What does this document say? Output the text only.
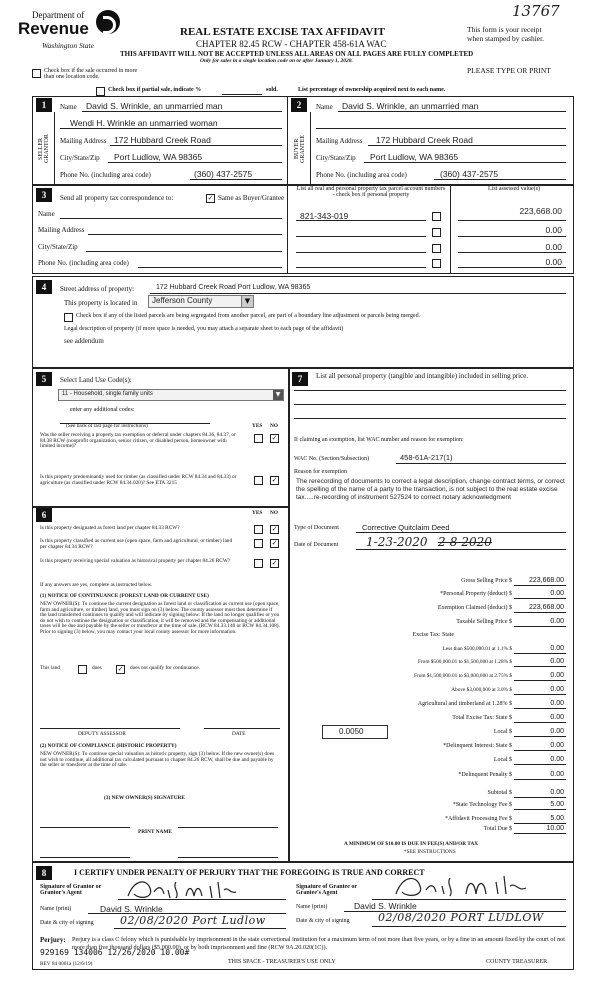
13767
Department of
Revenue
Washington State
REAL ESTATE EXCISE TAX AFFIDAVIT
CHAPTER 82.45 RCW - CHAPTER 458-61A WAC
THIS AFFIDAVIT WILL NOT BE ACCEPTED UNLESS ALL AREAS ON ALL PAGES ARE FULLY COMPLETED
Only for sales in a single location code on or after January 1, 2020.
This form is your receipt
when stamped by cashier.
PLEASE TYPE OR PRINT
Check box if the sale occurred in more than one location code.
Check box if partial sale, indicate %	sold.	List percentage of ownership acquired next to each name.
1	Name David S. Wrinkle, an unmarried man
Wendi H. Wrinkle an unmarried woman
SELLER GRANTOR Mailing Address 172 Hubbard Creek Road
City/State/Zip Port Ludlow, WA 98365
Phone No. (including area code)	(360) 437-2575
2	Name David S. Wrinkle, an unmarried man
BUYER GRANTEE Mailing Address 172 Hubbard Creek Road
City/State/Zip Port Ludlow, WA 98365
Phone No. (including area code)	(360) 437-2575
3	Send all property tax correspondence to:	✓ Same as Buyer/Grantee
Name
Mailing Address
City/State/Zip
Phone No. (including area code)
List all real and personal property tax parcel account numbers - check box if personal property
List assessed value(s)
821-343-019	223,668.00
0.00
0.00
0.00
4	Street address of property:	172 Hubbard Creek Road Port Ludlow, WA 98365
This property is located in Jefferson County	▼
Check box if any of the listed parcels are being segregated from another parcel, are part of a boundary line adjustment or parcels being merged.
Legal description of property (if more space is needed, you may attach a separate sheet to each page of the affidavit)
see addendum
5	Select Land Use Code(s):
11 - Household, single family units	▼
enter any additional codes:
(See back of last page for instructions)	YES NO
Was the seller receiving a property tax exemption or deferral under chapters 84.36, 84.37, or 84.38 RCW (nonprofit organization, senior citizen, or disabled person, homeowner with limited income)?
✓
Is this property predominantly used for timber (as classified under RCW 84.34 and 84.33) or agriculture (as classified under RCW 84.34.020)? See ETA 3215	✓
6	YES NO
Is this property designated as forest land per chapter 84.33 RCW?	✓
Is this property classified as current use (open space, farm and agricultural, or timber) land per chapter 84.34 RCW?	✓
Is this property receiving special valuation as historical property per chapter 84.26 RCW?	✓
If any answers are yes, complete as instructed below.
(1) NOTICE OF CONTINUANCE (FOREST LAND OR CURRENT USE)
NEW OWNER(S): To continue the current designation as forest land or classification as current use (open space, farm and agriculture, or timber) land, you must sign on (3) below. The county assessor must then determine if the land transferred continues to qualify and will indicate by signing below. If the land no longer qualifies or you do not wish to continue the designation or classification, it will be removed and the compensating or additional taxes will be due and payable by the seller or transferor at the time of sale. (RCW 84.33.140 or RCW 84.34.108). Prior to signing (3) below, you may contact your local county assessor for more information.
This land	does ✓ does not qualify for continuance.
DEPUTY ASSESSOR	DATE
(2) NOTICE OF COMPLIANCE (HISTORIC PROPERTY)
NEW OWNER(S): To continue special valuation as historic property, sign (3) below. If the new owner(s) does not wish to continue, all additional tax calculated pursuant to chapter 84.26 RCW, shall be due and payable by the seller or transferor at the time of sale.
(3) NEW OWNER(S) SIGNATURE
PRINT NAME
7	List all personal property (tangible and intangible) included in selling price.
If claiming an exemption, list WAC number and reason for exemption:
WAC No. (Section/Subsection)	458-61A-217(1)
Reason for exemption
The rerecording of documents to correct a legal description, change contract terms, or correct the spelling of the name of a party to the transaction, is not subject to the real estate excise tax.....re-recording of instrument 527524 to correct notary acknowledgment
Type of Document	Corrective Quitclaim Deed
Date of Document 1-23-2020 2-8-2020
Gross Selling Price $	223,668.00
*Personal Property (deduct) $	0.00
Exemption Claimed (deduct) $	223,668.00
Taxable Selling Price $	0.00
Excise Tax: State
Less than $500,000.01 at 1.1% $	0.00
From $500,000.01 to $1,500,000 at 1.28% $	0.00
From $1,500,000.01 to $3,000,000 at 2.75% $	0.00
Above $3,000,000 at 3.0% $	0.00
Agricultural and timberland at 1.28% $	0.00
Total Excise Tax: State $	0.00
0.0050	Local $	0.00
*Delinquent Interest: State $	0.00
Local $	0.00
*Delinquent Penalty $	0.00
Subtotal $	0.00
*State Technology Fee $	5.00
*Affidavit Processing Fee $	5.00
Total Due $	10.00
A MINIMUM OF $10.00 IS DUE IN FEE(S) AND/OR TAX
*SEE INSTRUCTIONS
8	I CERTIFY UNDER PENALTY OF PERJURY THAT THE FOREGOING IS TRUE AND CORRECT
Signature of Grantor or Grantor's Agent
Signature of Grantee or Grantee's Agent
Name (print)	David S. Wrinkle	Name (print)	David S. Wrinkle
Date & city of signing 02/08/2020 Port Ludlow	Date & city of signing	02/08/2020 PORT LUDLOW
Perjury: Perjury is a class C felony which is punishable by imprisonment in the state correctional institution for a maximum term of not more than five years, or by a fine in an amount fixed by the court of not more than five thousand dollars ($5,000.00), or by both imprisonment and fine (RCW 9A.20.020(1C)).
929169 134006 12/26/2020 10.00#
REV 84 0001a (12/6/19)	THIS SPACE - TREASURER'S USE ONLY	COUNTY TREASURER
